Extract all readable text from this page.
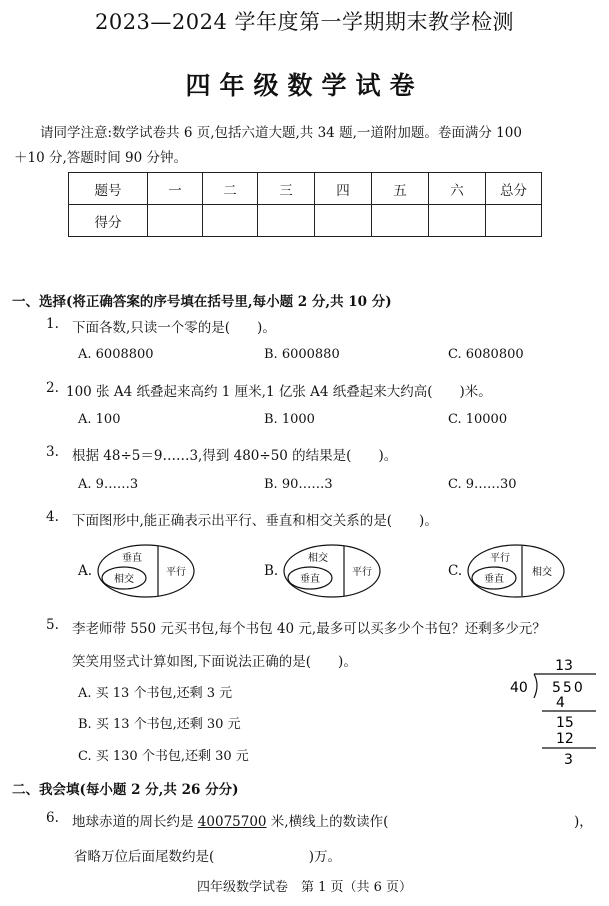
2023—2024 学年度第一学期期末教学检测
四年级数学试卷
请同学注意:数学试卷共 6 页,包括六道大题,共 34 题,一道附加题。卷面满分 100
＋10 分,答题时间 90 分钟。
题号	一	二	三	四	五	六	总分
得分							
一、选择(将正确答案的序号填在括号里,每小题 2 分,共 10 分)
1. 下面各数,只读一个零的是(　　)。
A. 6008800	B. 6000880	C. 6080800
2. 100 张 A4 纸叠起来高约 1 厘米,1 亿张 A4 纸叠起来大约高(　　)米。
A. 100	B. 1000	C. 10000
3. 根据 48÷5＝9……3,得到 480÷50 的结果是(　　)。
A. 9……3	B. 90……3	C. 9……30
4. 下面图形中,能正确表示出平行、垂直和相交关系的是(　　)。
A.
垂直
相交
平行	B.
相交
垂直
平行	C.
平行
垂直
相交
5. 李老师带 550 元买书包,每个书包 40 元,最多可以买多少个书包？还剩多少元？
笑笑用竖式计算如图,下面说法正确的是(　　)。
A. 买 13 个书包,还剩 3 元
B. 买 13 个书包,还剩 30 元
C. 买 130 个书包,还剩 30 元
13
40 550
4
15
12
3
二、我会填(每小题 2 分,共 26 分分)
6. 地球赤道的周长约是 40075700 米,横线上的数读作(	)，
省略万位后面尾数约是(　　　　　　　)万。
四年级数学试卷　第 1 页（共 6 页）
